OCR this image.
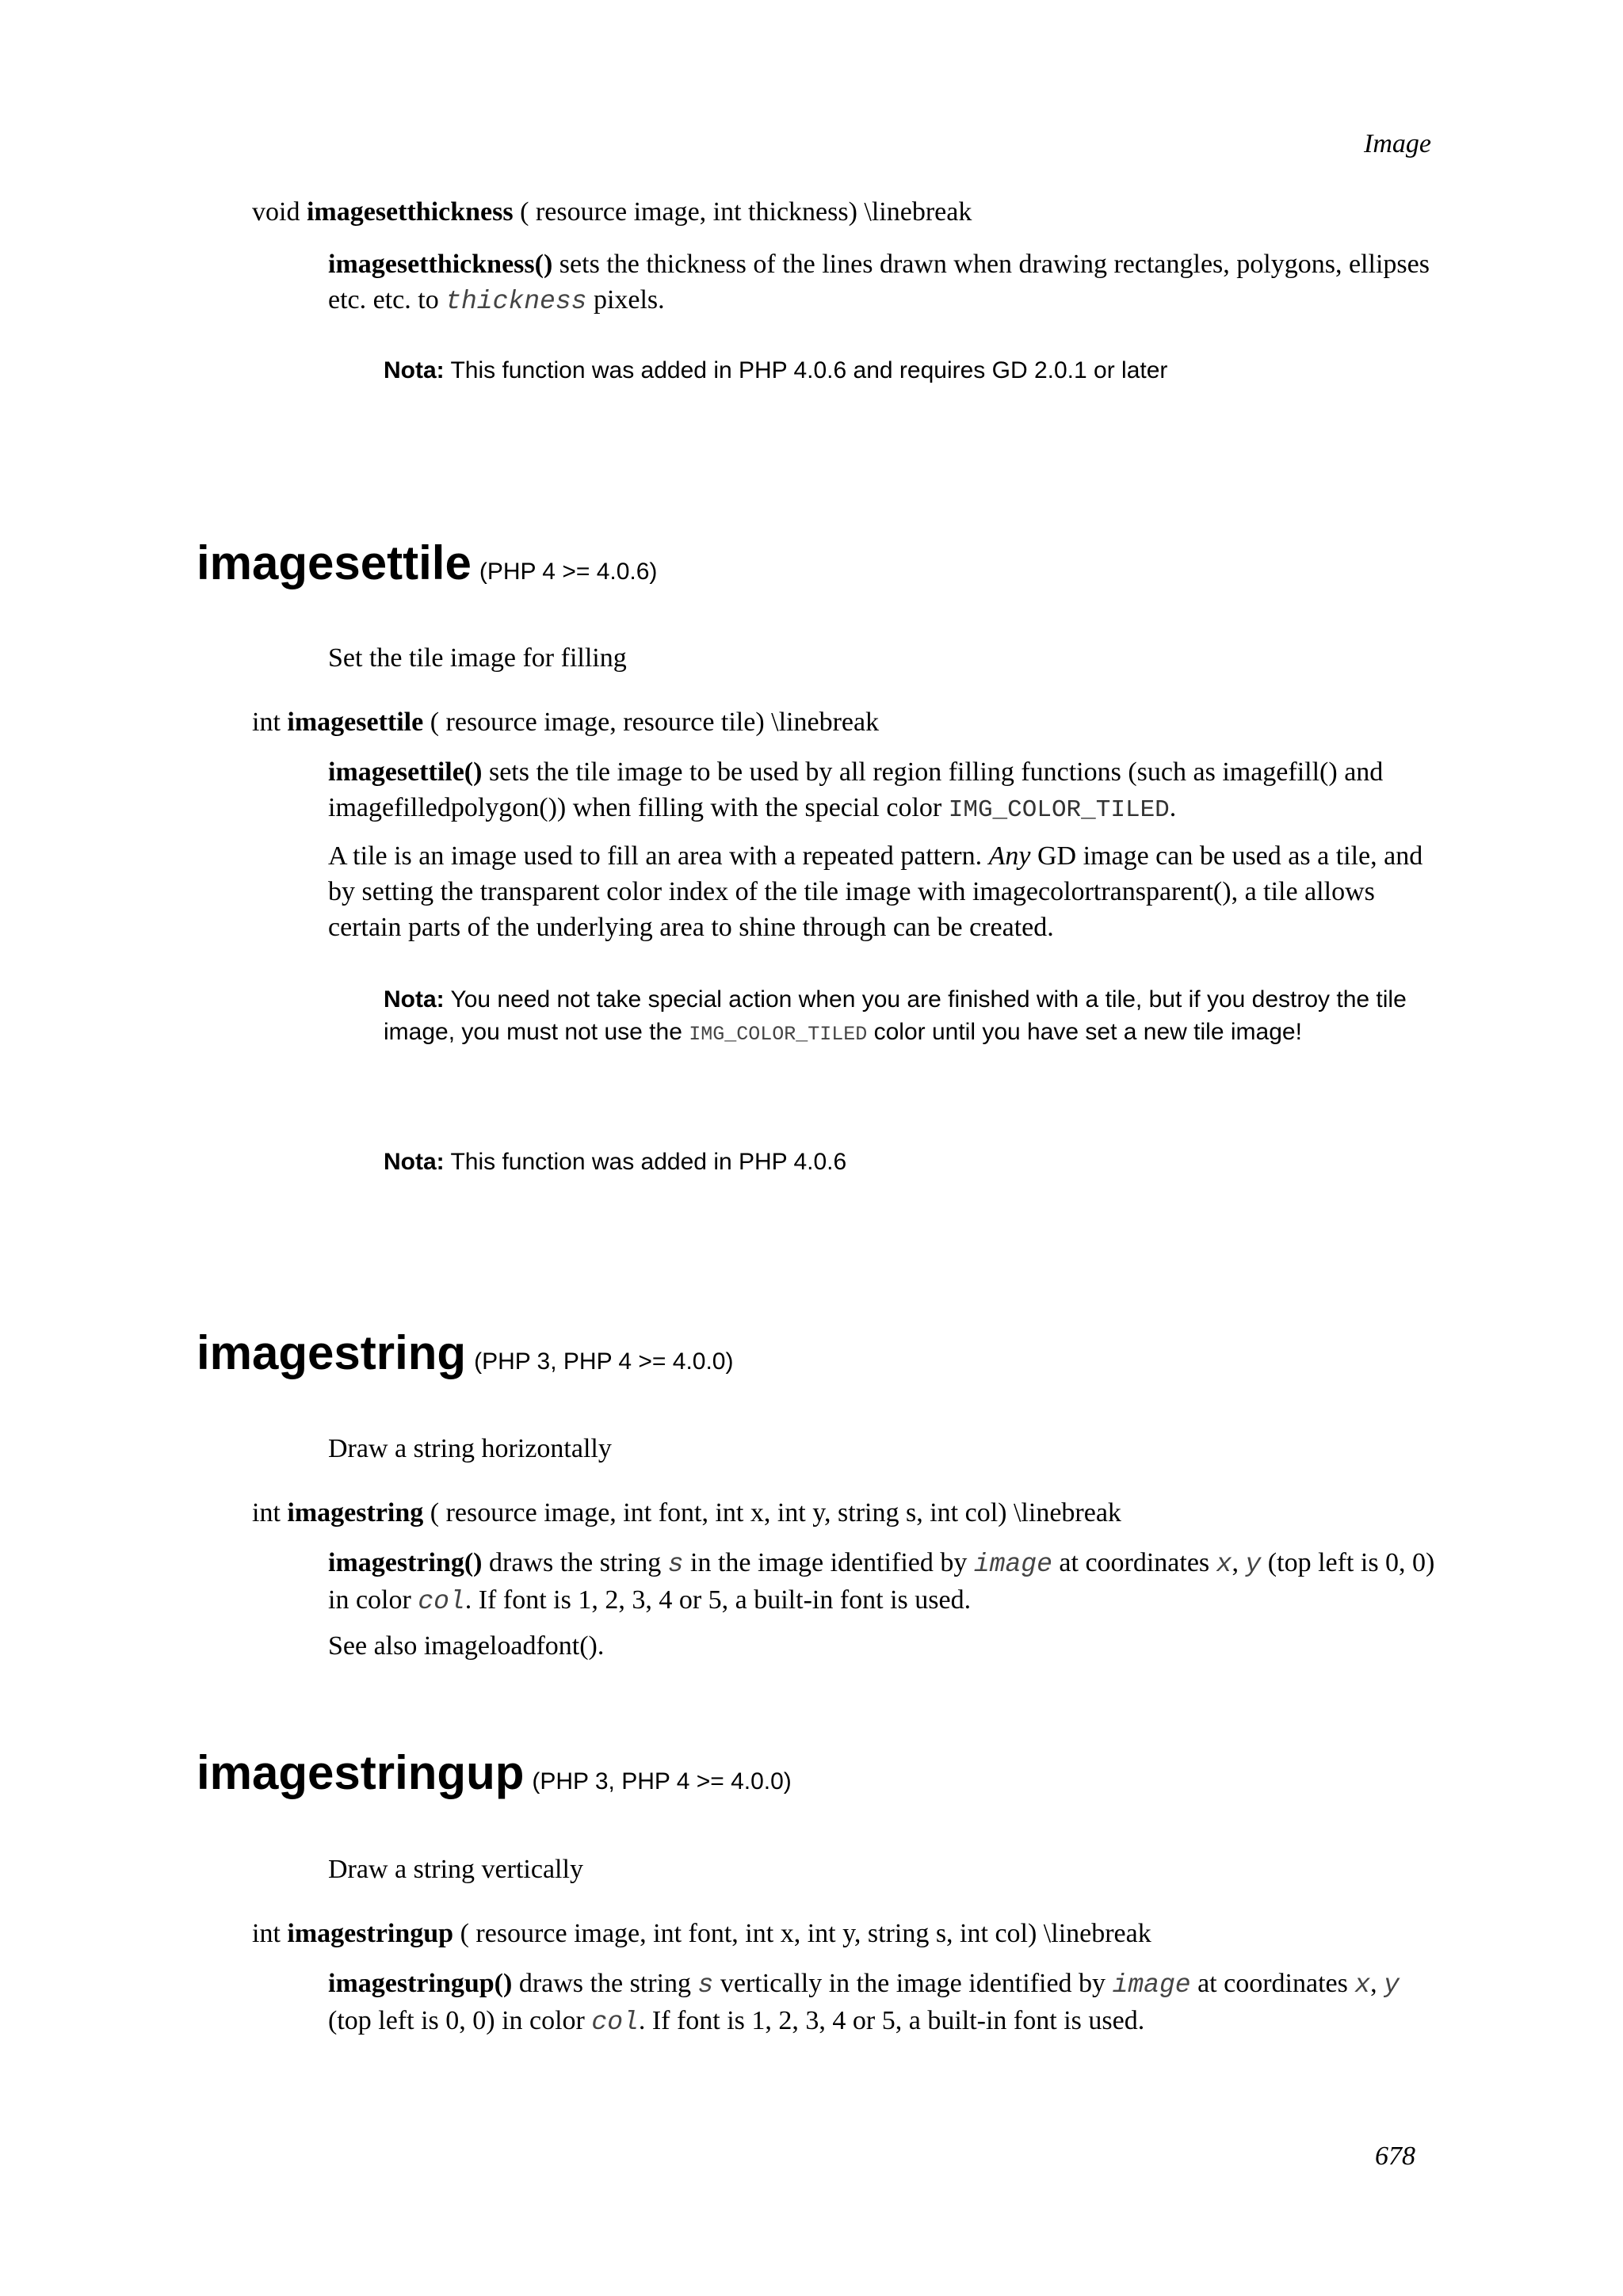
Image
void imagesetthickness ( resource image, int thickness) \linebreak
imagesetthickness() sets the thickness of the lines drawn when drawing rectangles, polygons, ellipses etc. etc. to thickness pixels.
Nota: This function was added in PHP 4.0.6 and requires GD 2.0.1 or later
imagesettile (PHP 4 >= 4.0.6)
Set the tile image for filling
int imagesettile ( resource image, resource tile) \linebreak
imagesettile() sets the tile image to be used by all region filling functions (such as imagefill() and imagefilledpolygon()) when filling with the special color IMG_COLOR_TILED.
A tile is an image used to fill an area with a repeated pattern. Any GD image can be used as a tile, and by setting the transparent color index of the tile image with imagecolortransparent(), a tile allows certain parts of the underlying area to shine through can be created.
Nota: You need not take special action when you are finished with a tile, but if you destroy the tile image, you must not use the IMG_COLOR_TILED color until you have set a new tile image!
Nota: This function was added in PHP 4.0.6
imagestring (PHP 3, PHP 4 >= 4.0.0)
Draw a string horizontally
int imagestring ( resource image, int font, int x, int y, string s, int col) \linebreak
imagestring() draws the string s in the image identified by image at coordinates x, y (top left is 0, 0) in color col. If font is 1, 2, 3, 4 or 5, a built-in font is used.
See also imageloadfont().
imagestringup (PHP 3, PHP 4 >= 4.0.0)
Draw a string vertically
int imagestringup ( resource image, int font, int x, int y, string s, int col) \linebreak
imagestringup() draws the string s vertically in the image identified by image at coordinates x, y (top left is 0, 0) in color col. If font is 1, 2, 3, 4 or 5, a built-in font is used.
678
